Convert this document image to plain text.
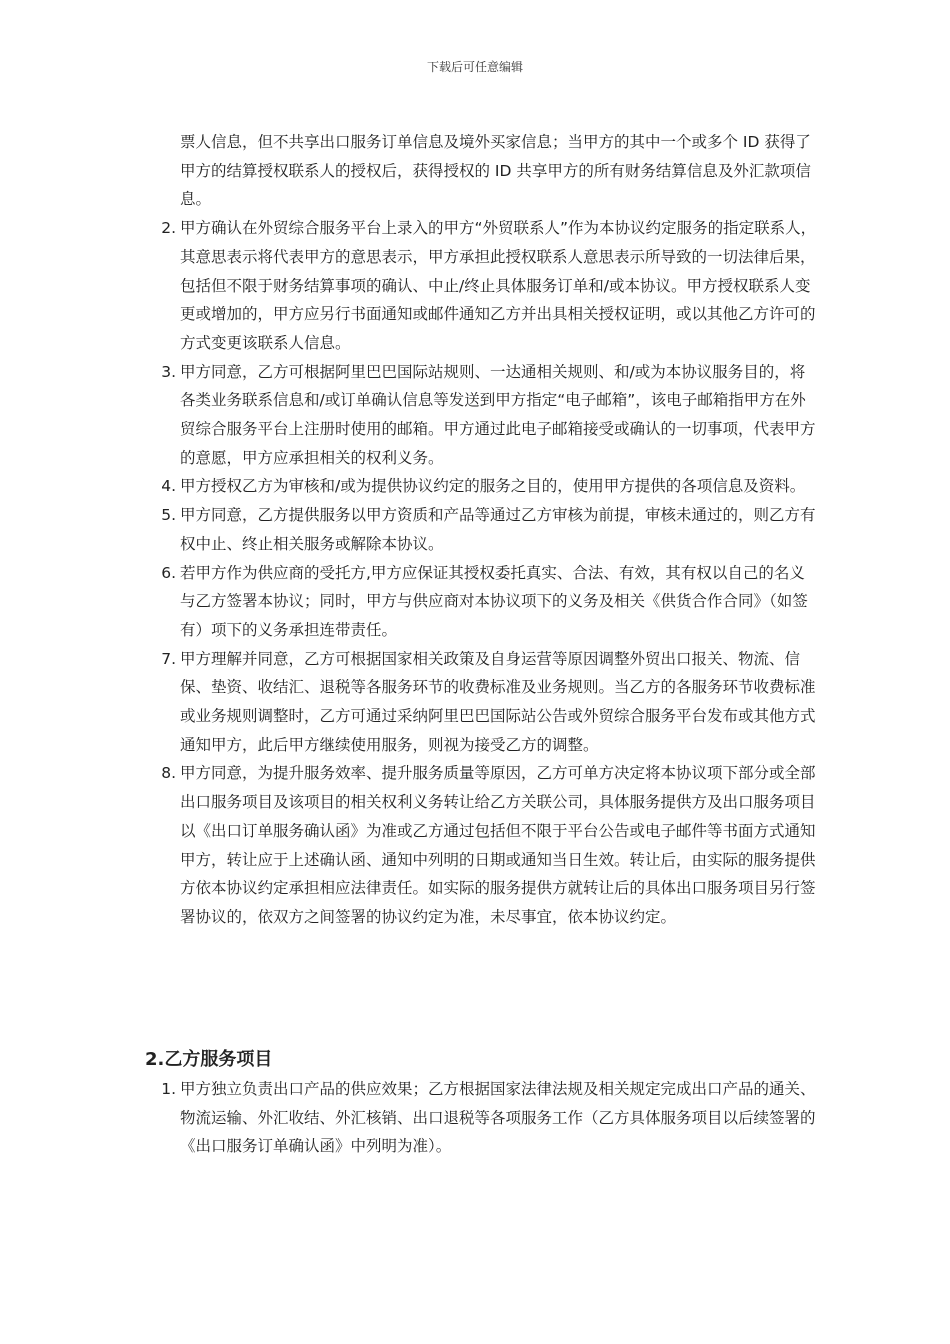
下载后可任意编辑

票人信息，但不共享出口服务订单信息及境外买家信息；当甲方的其中一个或多个 ID 获得了甲方的结算授权联系人的授权后，获得授权的 ID 共享甲方的所有财务结算信息及外汇款项信息。

2. 甲方确认在外贸综合服务平台上录入的甲方“外贸联系人”作为本协议约定服务的指定联系人，其意思表示将代表甲方的意思表示，甲方承担此授权联系人意思表示所导致的一切法律后果，包括但不限于财务结算事项的确认、中止/终止具体服务订单和/或本协议。甲方授权联系人变更或增加的，甲方应另行书面通知或邮件通知乙方并出具相关授权证明，或以其他乙方许可的方式变更该联系人信息。
3. 甲方同意，乙方可根据阿里巴巴国际站规则、一达通相关规则、和/或为本协议服务目的，将各类业务联系信息和/或订单确认信息等发送到甲方指定“电子邮箱”，该电子邮箱指甲方在外贸综合服务平台上注册时使用的邮箱。甲方通过此电子邮箱接受或确认的一切事项，代表甲方的意愿，甲方应承担相关的权利义务。
4. 甲方授权乙方为审核和/或为提供协议约定的服务之目的，使用甲方提供的各项信息及资料。
5. 甲方同意，乙方提供服务以甲方资质和产品等通过乙方审核为前提，审核未通过的，则乙方有权中止、终止相关服务或解除本协议。
6. 若甲方作为供应商的受托方,甲方应保证其授权委托真实、合法、有效，其有权以自己的名义与乙方签署本协议；同时，甲方与供应商对本协议项下的义务及相关《供货合作合同》（如签有）项下的义务承担连带责任。
7. 甲方理解并同意，乙方可根据国家相关政策及自身运营等原因调整外贸出口报关、物流、信保、垫资、收结汇、退税等各服务环节的收费标准及业务规则。当乙方的各服务环节收费标准或业务规则调整时，乙方可通过采纳阿里巴巴国际站公告或外贸综合服务平台发布或其他方式通知甲方，此后甲方继续使用服务，则视为接受乙方的调整。
8. 甲方同意，为提升服务效率、提升服务质量等原因，乙方可单方决定将本协议项下部分或全部出口服务项目及该项目的相关权利义务转让给乙方关联公司，具体服务提供方及出口服务项目以《出口订单服务确认函》为准或乙方通过包括但不限于平台公告或电子邮件等书面方式通知甲方，转让应于上述确认函、通知中列明的日期或通知当日生效。转让后，由实际的服务提供方依本协议约定承担相应法律责任。如实际的服务提供方就转让后的具体出口服务项目另行签署协议的，依双方之间签署的协议约定为准，未尽事宜，依本协议约定。
2.乙方服务项目
1. 甲方独立负责出口产品的供应效果；乙方根据国家法律法规及相关规定完成出口产品的通关、物流运输、外汇收结、外汇核销、出口退税等各项服务工作（乙方具体服务项目以后续签署的《出口服务订单确认函》中列明为准）。
